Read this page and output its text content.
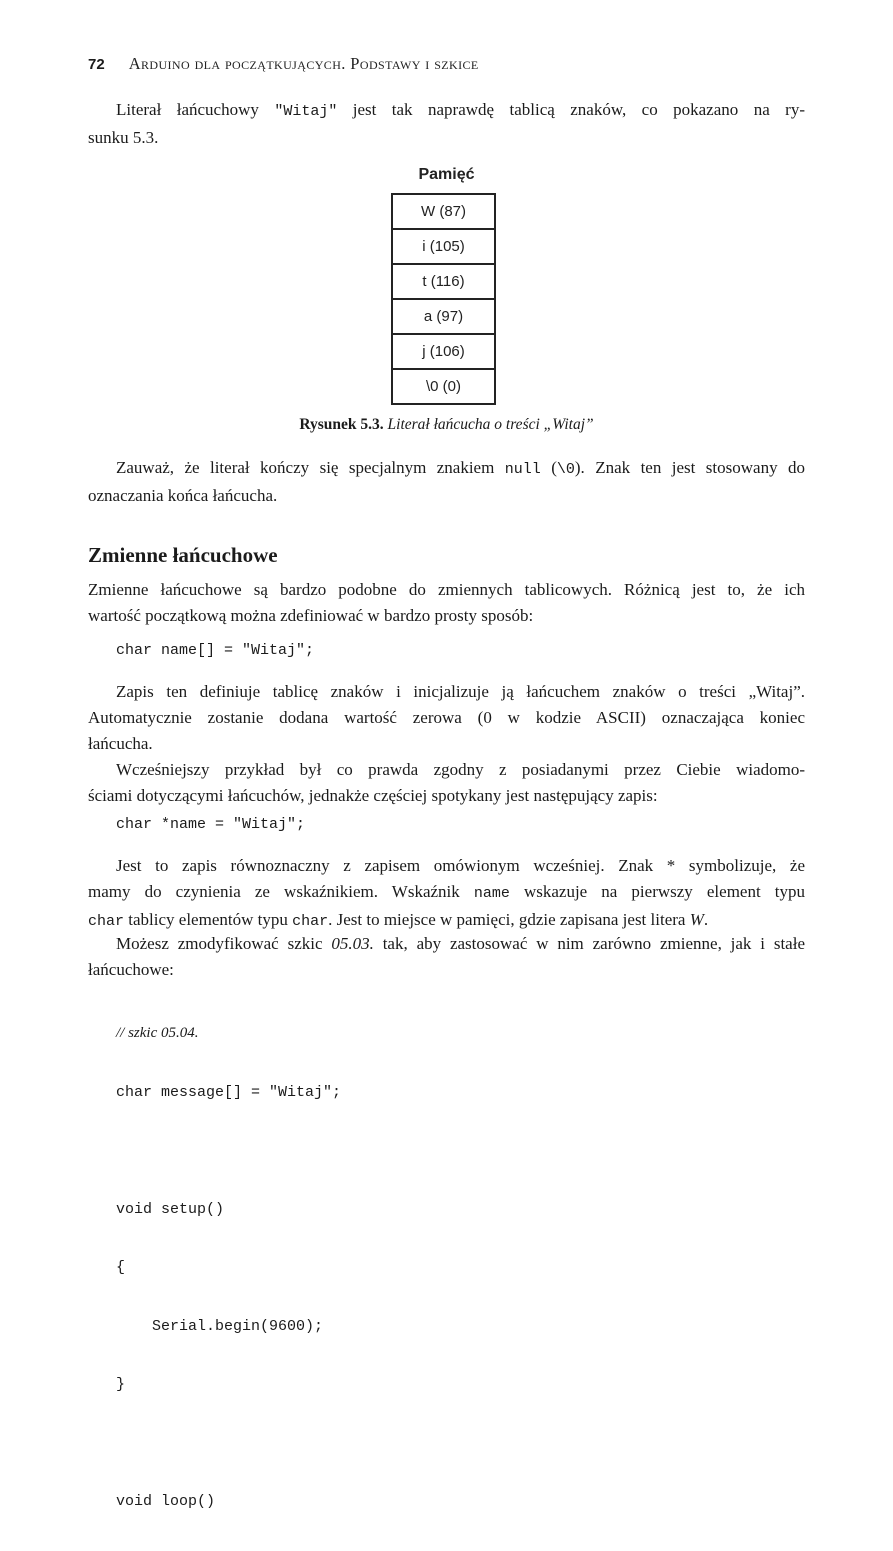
72 Arduino dla początkujących. Podstawy i szkice
Literał łańcuchowy "Witaj" jest tak naprawdę tablicą znaków, co pokazano na ry-
sunku 5.3.
Pamięć
W (87)
i (105)
t (116)
a (97)
j (106)
\0 (0)
Rysunek 5.3. Literał łańcucha o treści „Witaj”
Zauważ, że literał kończy się specjalnym znakiem null (\0). Znak ten jest stosowany do
oznaczania końca łańcucha.
Zmienne łańcuchowe
Zmienne łańcuchowe są bardzo podobne do zmiennych tablicowych. Różnicą jest to, że ich
wartość początkową można zdefiniować w bardzo prosty sposób:
char name[] = "Witaj";
Zapis ten definiuje tablicę znaków i inicjalizuje ją łańcuchem znaków o treści „Witaj”.
Automatycznie zostanie dodana wartość zerowa (0 w kodzie ASCII) oznaczająca koniec
łańcucha.
Wcześniejszy przykład był co prawda zgodny z posiadanymi przez Ciebie wiadomo-
ściami dotyczącymi łańcuchów, jednakże częściej spotykany jest następujący zapis:
char *name = "Witaj";
Jest to zapis równoznaczny z zapisem omówionym wcześniej. Znak * symbolizuje, że
mamy do czynienia ze wskaźnikiem. Wskaźnik name wskazuje na pierwszy element typu
char tablicy elementów typu char. Jest to miejsce w pamięci, gdzie zapisana jest litera W.
Możesz zmodyfikować szkic 05.03. tak, aby zastosować w nim zarówno zmienne, jak i stałe
łańcuchowe:

// szkic 05.04.

char message[] = "Witaj";

void setup()

{

Serial.begin(9600);

}

void loop()
